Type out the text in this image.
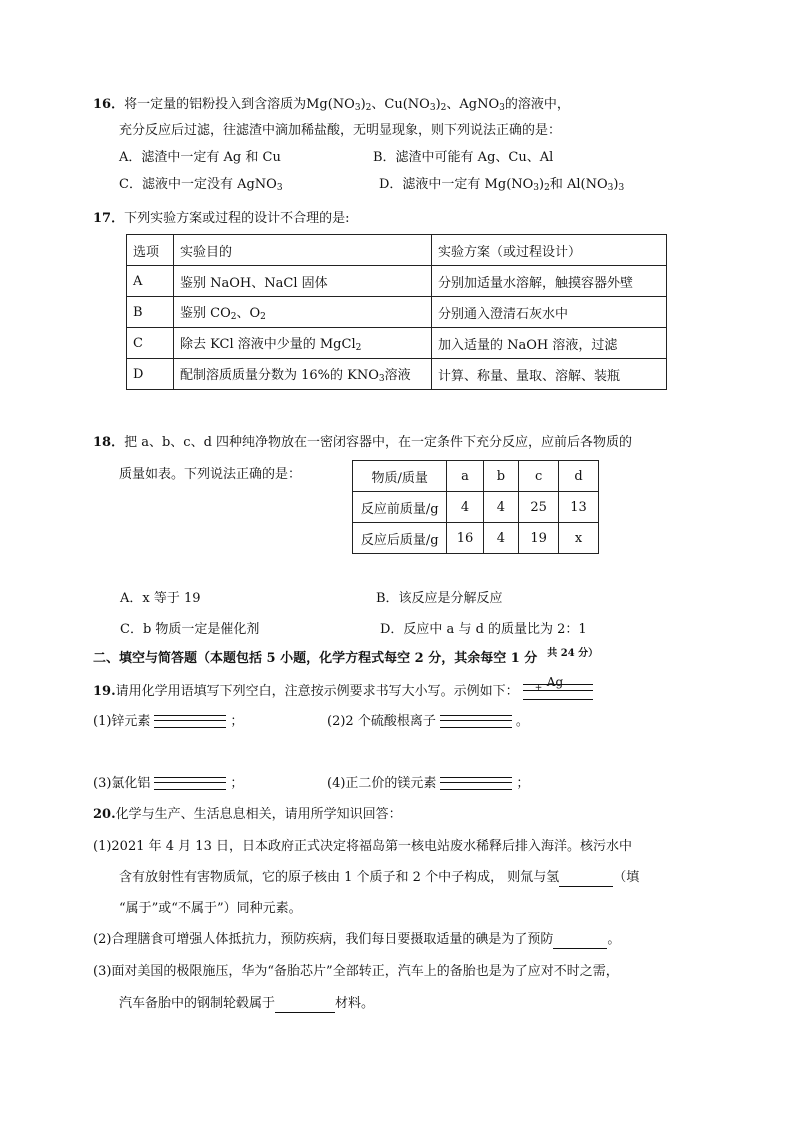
16．将一定量的铝粉投入到含溶质为$Mg(NO_3)_2$、$Cu(NO_3)_2$、AgNO$_3$的溶液中，
充分反应后过滤，往滤渣中滴加稀盐酸，无明显现象，则下列说法正确的是：
A．滤渣中一定有 Ag 和 Cu	B．滤渣中可能有 Ag、Cu、Al
C．滤液中一定没有 AgNO$_3$	D．滤液中一定有 $Mg(NO_3)_2$和 $Al(NO_3)_3$
17．下列实验方案或过程的设计不合理的是:
选项	实验目的	实验方案（或过程设计）
A	鉴别 NaOH、NaCl 固体	分别加适量水溶解，触摸容器外壁
B	鉴别 $CO_2$、$O_2$	分别通入澄清石灰水中
C	除去 KCl 溶液中少量的 MgCl$_2$	加入适量的 NaOH 溶液，过滤
D	配制溶质质量分数为 16%的 $KNO_3$溶液	计算、称量、量取、溶解、装瓶
18．把 a、b、c、d 四种纯净物放在一密闭容器中，在一定条件下充分反应，应前后各物质的
质量如表。下列说法正确的是：	物质/质量	a	b	c	d
反应前质量/g	4	4	25	13
反应后质量/g	16	4	19	x
A．x 等于 19	B．该反应是分解反应
C．b 物质一定是催化剂	D．反应中 a 与 d 的质量比为 2：1
二、填空与简答题（本题包括 5 小题，化学方程式每空 2 分，其余每空 1 分 $^{共 24 分)}$
19.请用化学用语填写下列空白，注意按示例要求书写大小写。示例如下：
Ag
+
(1)锌元素	；	(2)2 个硫酸根离子	。
(3)氯化铝	；	(4)正二价的镁元素	；
20.化学与生产、生活息息相关，请用所学知识回答：
(1)2021 年 4 月 13 日，日本政府正式决定将福岛第一核电站废水稀释后排入海洋。核污水中
含有放射性有害物质氚，它的原子核由 1 个质子和 2 个中子构成， 则氚与氢	（填
“属于”或“不属于”）同种元素。
(2)合理膳食可增强人体抵抗力，预防疾病，我们每日要摄取适量的碘是为了预防	。
(3)面对美国的极限施压，华为“备胎芯片”全部转正，汽车上的备胎也是为了应对不时之需，
汽车备胎中的钢制轮毂属于	材料。
